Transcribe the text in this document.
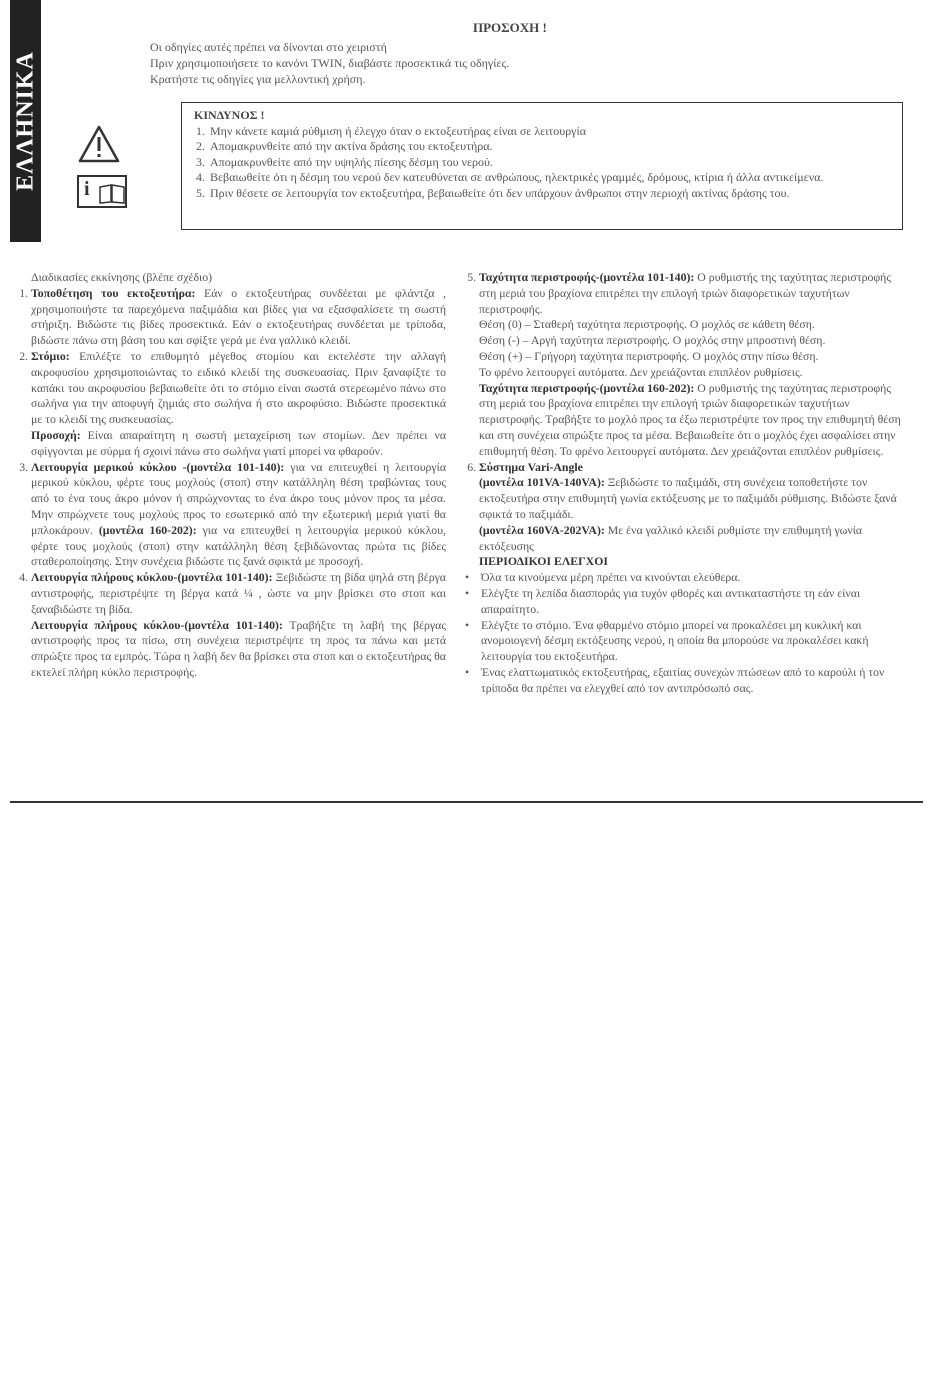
ΕΛΛΗΝΙΚΑ
ΠΡΟΣΟΧΗ !
Οι οδηγίες αυτές πρέπει να δίνονται στο χειριστή
Πριν χρησιμοποιήσετε το κανόνι TWIN, διαβάστε προσεκτικά τις οδηγίες.
Κρατήστε τις οδηγίες για μελλοντική χρήση.
i
ΚΙΝΔΥΝΟΣ !
1. Μην κάνετε καμιά ρύθμιση ή έλεγχο όταν ο εκτοξευτήρας είναι σε λειτουργία
2. Απομακρυνθείτε από την ακτίνα δράσης του εκτοξευτήρα.
3. Απομακρυνθείτε από την υψηλής πίεσης δέσμη του νερού.
4. Βεβαιωθείτε ότι η δέσμη του νερού δεν κατευθύνεται σε ανθρώπους, ηλεκτρικές γραμμές, δρόμους, κτίρια ή άλλα αντικείμενα.
5. Πριν θέσετε σε λειτουργία τον εκτοξευτήρα, βεβαιωθείτε ότι δεν υπάρχουν άνθρωποι στην περιοχή ακτίνας δράσης του.

Διαδικασίες εκκίνησης (βλέπε σχέδιο)

1. Τοποθέτηση του εκτοξευτήρα: Εάν ο εκτοξευτήρας συνδέεται με φλάντζα , χρησιμοποιήστε τα παρεχόμενα παξιμάδια και βίδες για να εξασφαλίσετε τη σωστή στήριξη. Βιδώστε τις βίδες προσεκτικά. Εάν ο εκτοξευτήρας συνδέεται με τρίποδα, βιδώστε πάνω στη βάση του και σφίξτε γερά με ένα γαλλικό κλειδί.
2. Στόμιο: Επιλέξτε το επιθυμητό μέγεθος στομίου και εκτελέστε την αλλαγή ακροφυσίου χρησιμοποιώντας το ειδικό κλειδί της συσκευασίας. Πριν ξαναφίξτε το καπάκι του ακροφυσίου βεβαιωθείτε ότι το στόμιο είναι σωστά στερεωμένο πάνω στο σωλήνα για την αποφυγή ζημιάς στο σωλήνα ή στο ακροφύσιο. Βιδώστε προσεκτικά με το κλειδί της συσκευασίας.

Προσοχή: Είναι απαραίτητη η σωστή μεταχείριση των στομίων. Δεν πρέπει να σφίγγονται με σύρμα ή σχοινί πάνω στο σωλήνα γιατί μπορεί να φθαρούν.

3. Λειτουργία μερικού κύκλου -(μοντέλα 101-140): για να επιτευχθεί η λειτουργία μερικού κύκλου, φέρτε τους μοχλούς (στοπ) στην κατάλληλη θέση τραβώντας τους από το ένα τους άκρο μόνον ή σπρώχνοντας το ένα άκρο τους μόνον προς τα μέσα. Μην σπρώχνετε τους μοχλούς προς το εσωτερικό από την εξωτερική μεριά γιατί θα μπλοκάρουν. (μοντέλα 160-202): για να επιτευχθεί η λειτουργία μερικού κύκλου, φέρτε τους μοχλούς (στοπ) στην κατάλληλη θέση ξεβιδώνοντας πρώτα τις βίδες σταθεροποίησης. Στην συνέχεια βιδώστε τις ξανά σφικτά με προσοχή.
4. Λειτουργία πλήρους κύκλου-(μοντέλα 101-140): Ξεβιδώστε τη βίδα ψηλά στη βέργα αντιστροφής, περιστρέψτε τη βέργα κατά ¼ , ώστε να μην βρίσκει στο στοπ και ξαναβιδώστε τη βίδα.

Λειτουργία πλήρους κύκλου-(μοντέλα 101-140): Τραβήξτε τη λαβή της βέργας αντιστροφής προς τα πίσω, στη συνέχεια περιστρέψτε τη προς τα πάνω και μετά σπρώξτε προς τα εμπρός. Τώρα η λαβή δεν θα βρίσκει στα στοπ και ο εκτοξευτήρας θα εκτελεί πλήρη κύκλο περιστροφής.

5. Ταχύτητα περιστροφής-(μοντέλα 101-140): Ο ρυθμιστής της ταχύτητας περιστροφής στη μεριά του βραχίονα επιτρέπει την επιλογή τριών διαφορετικών ταχυτήτων περιστροφής.

Θέση (0) – Σταθερή ταχύτητα περιστροφής. Ο μοχλός σε κάθετη θέση.

Θέση (-) – Αργή ταχύτητα περιστροφής. Ο μοχλός στην μπροστινή θέση.

Θέση (+) – Γρήγορη ταχύτητα περιστροφής. Ο μοχλός στην πίσω θέση.

Το φρένο λειτουργεί αυτόματα. Δεν χρειάζονται επιπλέον ρυθμίσεις.

Ταχύτητα περιστροφής-(μοντέλα 160-202): Ο ρυθμιστής της ταχύτητας περιστροφής στη μεριά του βραχίονα επιτρέπει την επιλογή τριών διαφορετικών ταχυτήτων περιστροφής. Τραβήξτε το μοχλό προς τα έξω περιστρέψτε τον προς την επιθυμητή θέση και στη συνέχεια σπρώξτε προς τα μέσα. Βεβαιωθείτε ότι ο μοχλός έχει ασφαλίσει στην επιθυμητή θέση. Το φρένο λειτουργεί αυτόματα. Δεν χρειάζονται επιπλέον ρυθμίσεις.

6. Σύστημα Vari-Angle

(μοντέλα 101VA-140VA): Ξεβιδώστε το παξιμάδι, στη συνέχεια τοποθετήστε τον εκτοξευτήρα στην επιθυμητή γωνία εκτόξευσης με το παξιμάδι ρύθμισης. Βιδώστε ξανά σφικτά το παξιμάδι.

(μοντέλα 160VA-202VA): Με ένα γαλλικό κλειδί ρυθμίστε την επιθυμητή γωνία εκτόξευσης

ΠΕΡΙΟΔΙΚΟΙ ΕΛΕΓΧΟΙ
• Όλα τα κινούμενα μέρη πρέπει να κινούνται ελεύθερα.
• Ελέγξτε τη λεπίδα διασποράς για τυχόν φθορές και αντικαταστήστε τη εάν είναι απαραίτητο.
• Ελέγξτε το στόμιο. Ένα φθαρμένο στόμιο μπορεί να προκαλέσει μη κυκλική και ανομοιογενή δέσμη εκτόξευσης νερού, η οποία θα μπορούσε να προκαλέσει κακή λειτουργία του εκτοξευτήρα.
• Ένας ελαττωματικός εκτοξευτήρας, εξαιτίας συνεχών πτώσεων από το καρούλι ή τον τρίποδα θα πρέπει να ελεγχθεί από τον αντιπρόσωπό σας.
